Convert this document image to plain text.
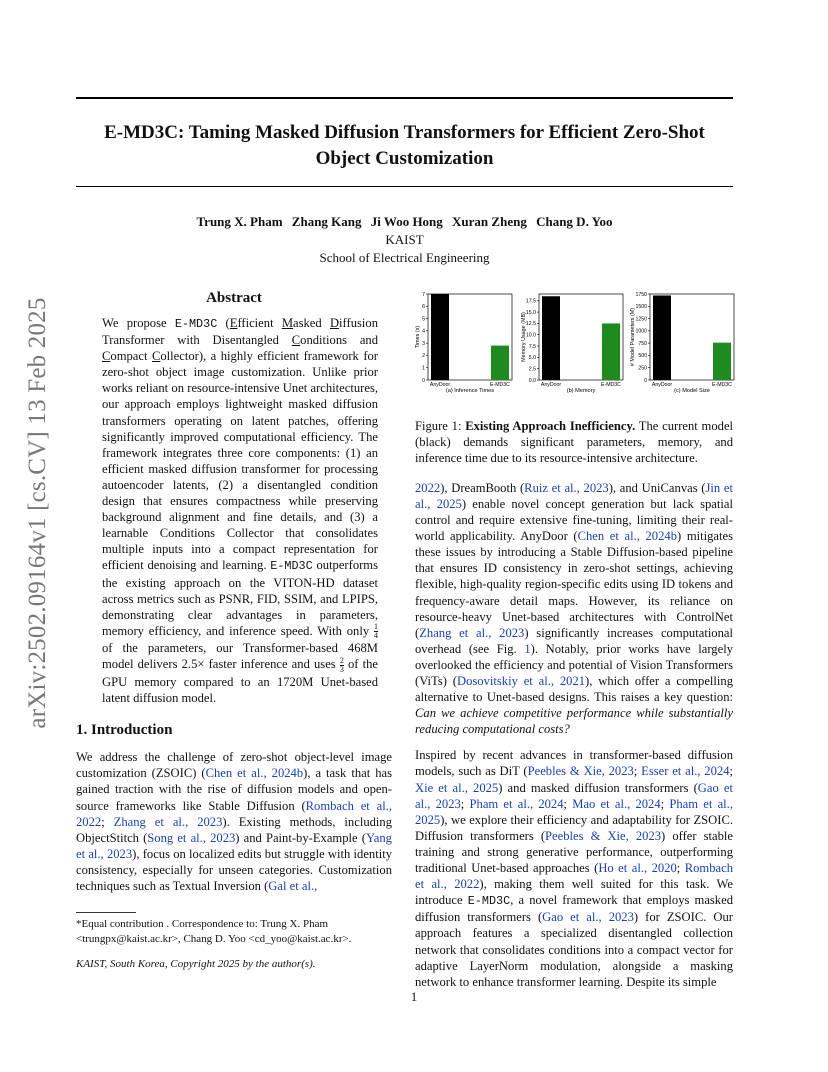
arXiv:2502.09164v1 [cs.CV] 13 Feb 2025
E-MD3C: Taming Masked Diffusion Transformers for Efficient Zero-Shot
Object Customization
Trung X. Pham Zhang Kang Ji Woo Hong Xuran Zheng Chang D. Yoo
KAIST
School of Electrical Engineering
Abstract

We propose E-MD3C (Efficient Masked Diffusion Transformer with Disentangled Conditions and Compact Collector), a highly efficient framework for zero-shot object image customization. Unlike prior works reliant on resource-intensive Unet architectures, our approach employs lightweight masked diffusion transformers operating on latent patches, offering significantly improved computational efficiency. The framework integrates three core components: (1) an efficient masked diffusion transformer for processing autoencoder latents, (2) a disentangled condition design that ensures compactness while preserving background alignment and fine details, and (3) a learnable Conditions Collector that consolidates multiple inputs into a compact representation for efficient denoising and learning. E-MD3C outperforms the existing approach on the VITON-HD dataset across metrics such as PSNR, FID, SSIM, and LPIPS, demonstrating clear advantages in parameters, memory efficiency, and inference speed. With only $\frac{1}{4}$
of the parameters, our Transformer-based 468M model delivers 2.5× faster inference and uses $\frac{2}{3}$ of the GPU memory compared to an 1720M Unet-based latent diffusion model.

1. Introduction

We address the challenge of zero-shot object-level image customization (ZSOIC) (Chen et al., 2024b), a task that has gained traction with the rise of diffusion models and open-source frameworks like Stable Diffusion (Rombach et al., 2022; Zhang et al., 2023). Existing methods, including ObjectStitch (Song et al., 2023) and Paint-by-Example (Yang et al., 2023), focus on localized edits but struggle with identity consistency, especially for unseen categories. Customization techniques such as Textual Inversion (Gal et al.,

*Equal contribution . Correspondence to: Trung X. Pham <trungpx@kaist.ac.kr>, Chang D. Yoo <cd_yoo@kaist.ac.kr>.
KAIST, South Korea, Copyright 2025 by the author(s).
1
0
1
2
3
4
5
6
7
Times (s)
AnyDoor	E-MD3C
(a) Inference Times
0.0
2.5
5.0
7.5
10.0
12.5
15.0
17.5
Memory Usage (MB)
AnyDoor	E-MD3C
(b) Memory
0
250
500
750
1000
1250
1500
1750
# Model Parameters (M)
AnyDoor	E-MD3C
(c) Model Size

Figure 1: Existing Approach Inefficiency. The current model (black) demands significant parameters, memory, and inference time due to its resource-intensive architecture.

2022), DreamBooth (Ruiz et al., 2023), and UniCanvas (Jin et al., 2025) enable novel concept generation but lack spatial control and require extensive fine-tuning, limiting their real-world applicability. AnyDoor (Chen et al., 2024b) mitigates these issues by introducing a Stable Diffusion-based pipeline that ensures ID consistency in zero-shot settings, achieving flexible, high-quality region-specific edits using ID tokens and frequency-aware detail maps. However, its reliance on resource-heavy Unet-based architectures with ControlNet (Zhang et al., 2023) significantly increases computational overhead (see Fig. 1). Notably, prior works have largely overlooked the efficiency and potential of Vision Transformers (ViTs) (Dosovitskiy et al., 2021), which offer a compelling alternative to Unet-based designs. This raises a key question: Can we achieve competitive performance while substantially reducing computational costs?

Inspired by recent advances in transformer-based diffusion models, such as DiT (Peebles & Xie, 2023; Esser et al., 2024; Xie et al., 2025) and masked diffusion transformers (Gao et al., 2023; Pham et al., 2024; Mao et al., 2024; Pham et al., 2025), we explore their efficiency and adaptability for ZSOIC. Diffusion transformers (Peebles & Xie, 2023) offer stable training and strong generative performance, outperforming traditional Unet-based approaches (Ho et al., 2020; Rombach et al., 2022), making them well suited for this task. We introduce E-MD3C, a novel framework that employs masked diffusion transformers (Gao et al., 2023) for ZSOIC. Our approach features a specialized disentangled collection network that consolidates conditions into a compact vector for adaptive LayerNorm modulation, alongside a masking network to enhance transformer learning. Despite its simple
